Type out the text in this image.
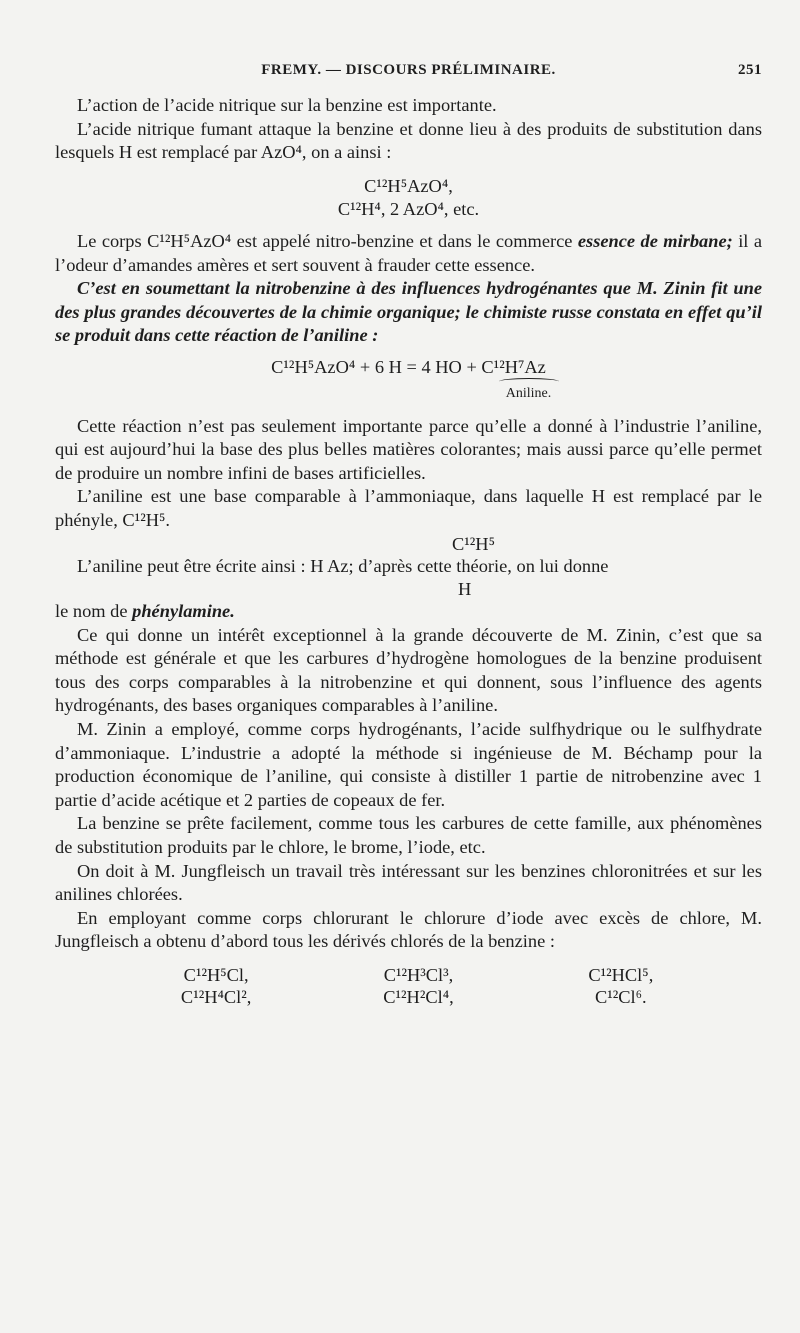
FREMY. — DISCOURS PRÉLIMINAIRE.	251

L’action de l’acide nitrique sur la benzine est importante.

L’acide nitrique fumant attaque la benzine et donne lieu à des produits de substitution dans lesquels H est remplacé par AzO⁴, on a ainsi :

C¹²H⁵AzO⁴,
C¹²H⁴, 2 AzO⁴, etc.

Le corps C¹²H⁵AzO⁴ est appelé nitro-benzine et dans le commerce essence de mirbane; il a l’odeur d’amandes amères et sert souvent à frauder cette essence.

C’est en soumettant la nitrobenzine à des influences hydrogénantes que M. Zinin fit une des plus grandes découvertes de la chimie organique; le chimiste russe constata en effet qu’il se produit dans cette réaction de l’aniline :

C¹²H⁵AzO⁴ + 6 H = 4 HO + C¹²H⁷Az
Aniline.

Cette réaction n’est pas seulement importante parce qu’elle a donné à l’industrie l’aniline, qui est aujourd’hui la base des plus belles matières colorantes; mais aussi parce qu’elle permet de produire un nombre infini de bases artificielles.

L’aniline est une base comparable à l’ammoniaque, dans laquelle H est remplacé par le phényle, C¹²H⁵.

C¹²H⁵
L’aniline peut être écrite ainsi : H Az; d’après cette théorie, on lui donne
H
le nom de phénylamine.

Ce qui donne un intérêt exceptionnel à la grande découverte de M. Zinin, c’est que sa méthode est générale et que les carbures d’hydrogène homologues de la benzine produisent tous des corps comparables à la nitrobenzine et qui donnent, sous l’influence des agents hydrogénants, des bases organiques comparables à l’aniline.

M. Zinin a employé, comme corps hydrogénants, l’acide sulfhydrique ou le sulfhydrate d’ammoniaque. L’industrie a adopté la méthode si ingénieuse de M. Béchamp pour la production économique de l’aniline, qui consiste à distiller 1 partie de nitrobenzine avec 1 partie d’acide acétique et 2 parties de copeaux de fer.

La benzine se prête facilement, comme tous les carbures de cette famille, aux phénomènes de substitution produits par le chlore, le brome, l’iode, etc.

On doit à M. Jungfleisch un travail très intéressant sur les benzines chloronitrées et sur les anilines chlorées.

En employant comme corps chlorurant le chlorure d’iode avec excès de chlore, M. Jungfleisch a obtenu d’abord tous les dérivés chlorés de la benzine :

C¹²H⁵Cl,	C¹²H³Cl³,	C¹²HCl⁵,
C¹²H⁴Cl²,	C¹²H²Cl⁴,	C¹²Cl⁶.
